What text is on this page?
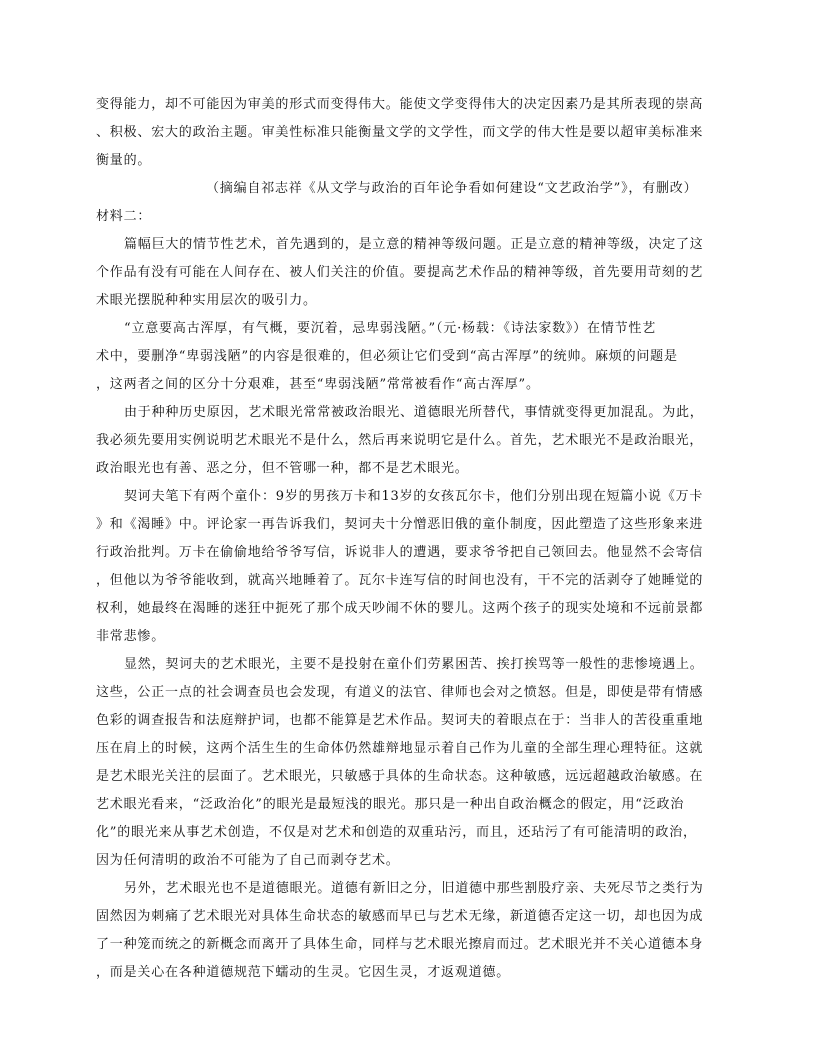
变得能力，却不可能因为审美的形式而变得伟大。能使文学变得伟大的决定因素乃是其所表现的崇高
、积极、宏大的政治主题。审美性标准只能衡量文学的文学性，而文学的伟大性是要以超审美标准来
衡量的。
（摘编自祁志祥《从文学与政治的百年论争看如何建设“文艺政治学”》，有删改）
材料二：
篇幅巨大的情节性艺术，首先遇到的，是立意的精神等级问题。正是立意的精神等级，决定了这
个作品有没有可能在人间存在、被人们关注的价值。要提高艺术作品的精神等级，首先要用苛刻的艺
术眼光摆脱种种实用层次的吸引力。
“立意要高古浑厚，有气概，要沉着，忌卑弱浅陋。”（元·杨载：《诗法家数》）在情节性艺
术中，要删净“卑弱浅陋”的内容是很难的，但必须让它们受到“高古浑厚”的统帅。麻烦的问题是
，这两者之间的区分十分艰难，甚至“卑弱浅陋”常常被看作“高古浑厚”。
由于种种历史原因，艺术眼光常常被政治眼光、道德眼光所替代，事情就变得更加混乱。为此，
我必须先要用实例说明艺术眼光不是什么，然后再来说明它是什么。首先，艺术眼光不是政治眼光，
政治眼光也有善、恶之分，但不管哪一种，都不是艺术眼光。
契诃夫笔下有两个童仆：9岁的男孩万卡和13岁的女孩瓦尔卡，他们分别出现在短篇小说《万卡
》和《渴睡》中。评论家一再告诉我们，契诃夫十分憎恶旧俄的童仆制度，因此塑造了这些形象来进
行政治批判。万卡在偷偷地给爷爷写信，诉说非人的遭遇，要求爷爷把自己领回去。他显然不会寄信
，但他以为爷爷能收到，就高兴地睡着了。瓦尔卡连写信的时间也没有，干不完的活剥夺了她睡觉的
权利，她最终在渴睡的迷狂中扼死了那个成天吵闹不休的婴儿。这两个孩子的现实处境和不远前景都
非常悲惨。
显然，契诃夫的艺术眼光，主要不是投射在童仆们劳累困苦、挨打挨骂等一般性的悲惨境遇上。
这些，公正一点的社会调查员也会发现，有道义的法官、律师也会对之愤怒。但是，即使是带有情感
色彩的调查报告和法庭辩护词，也都不能算是艺术作品。契诃夫的着眼点在于：当非人的苦役重重地
压在肩上的时候，这两个活生生的生命体仍然雄辩地显示着自己作为儿童的全部生理心理特征。这就
是艺术眼光关注的层面了。艺术眼光，只敏感于具体的生命状态。这种敏感，远远超越政治敏感。在
艺术眼光看来，“泛政治化”的眼光是最短浅的眼光。那只是一种出自政治概念的假定，用“泛政治
化”的眼光来从事艺术创造，不仅是对艺术和创造的双重玷污，而且，还玷污了有可能清明的政治，
因为任何清明的政治不可能为了自己而剥夺艺术。
另外，艺术眼光也不是道德眼光。道德有新旧之分，旧道德中那些割股疗亲、夫死尽节之类行为
固然因为刺痛了艺术眼光对具体生命状态的敏感而早已与艺术无缘，新道德否定这一切，却也因为成
了一种笼而统之的新概念而离开了具体生命，同样与艺术眼光擦肩而过。艺术眼光并不关心道德本身
，而是关心在各种道德规范下蠕动的生灵。它因生灵，才返观道德。
